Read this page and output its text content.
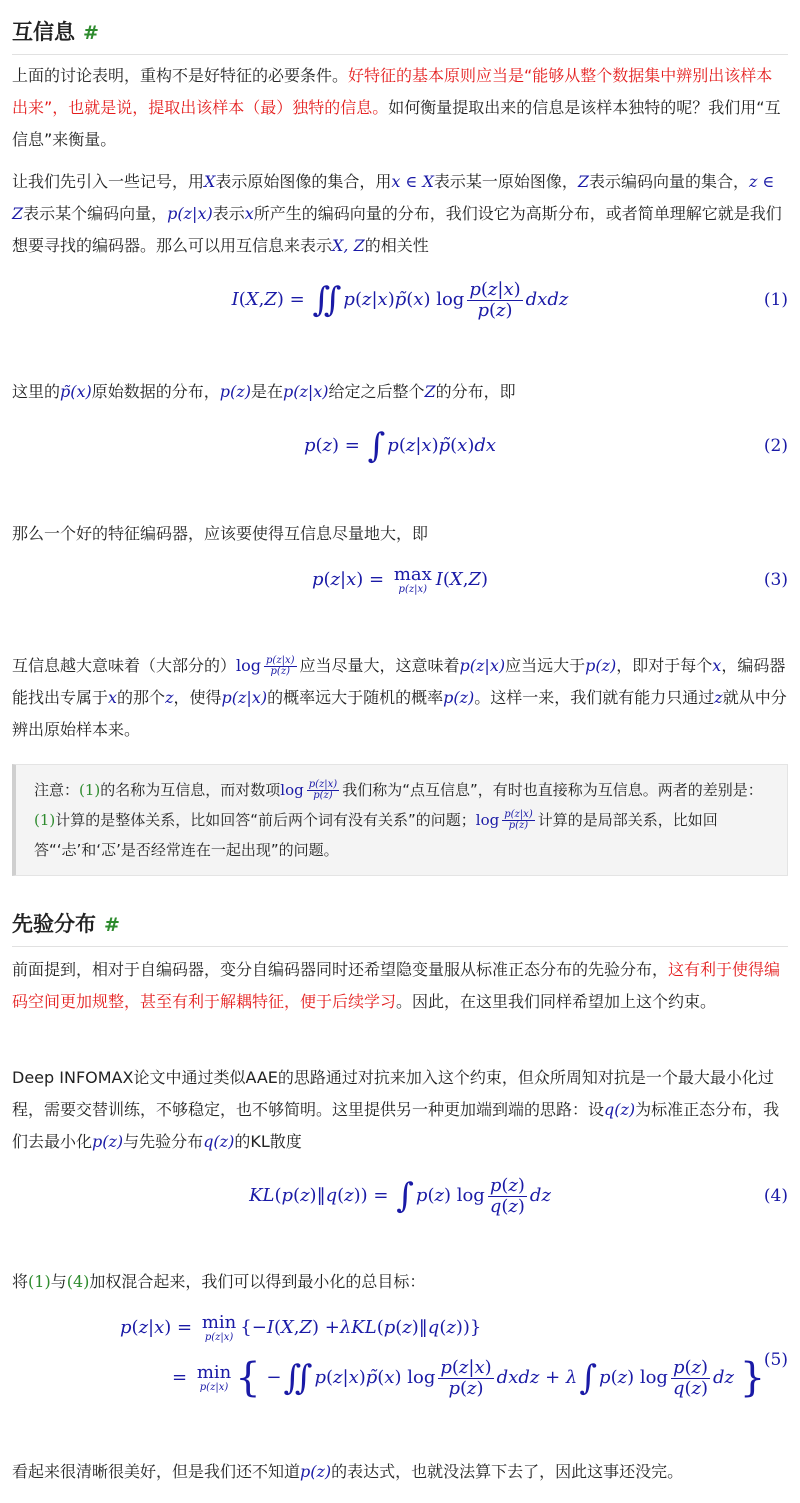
互信息 #

上面的讨论表明，重构不是好特征的必要条件。好特征的基本原则应当是“能够从整个数据集中辨别出该样本出来”，也就是说，提取出该样本（最）独特的信息。如何衡量提取出来的信息是该样本独特的呢？我们用“互信息”来衡量。

让我们先引入一些记号，用X表示原始图像的集合，用x ∈ X表示某一原始图像，Z表示编码向量的集合，z ∈ Z表示某个编码向量，p(z|x)表示x所产生的编码向量的分布，我们设它为高斯分布，或者简单理解它就是我们想要寻找的编码器。那么可以用互信息来表示X, Z的相关性

I ( X , Z ) = ∬ p ( z | x ) p̃ ( x ) $\log \frac{p(z|x)}{p(z)}$ dxdz	(1)

这里的p̃(x)原始数据的分布，p(z)是在p(z|x)给定之后整个Z的分布，即

p ( z ) = ∫ p ( z | x ) p̃ ( x ) dx	(2)

那么一个好的特征编码器，应该要使得互信息尽量地大，即

p ( z | x ) = max
p(z|x) I ( X , Z )	(3)

互信息越大意味着（大部分的）$\log \frac{p(z|x)}{p(z)}$ 应当尽量大，这意味着p(z|x)应当远大于p(z)，即对于每个x，编码器能找出专属于x的那个z，使得p(z|x)的概率远大于随机的概率p(z)。这样一来，我们就有能力只通过z就从中分辨出原始样本来。

注意：(1)的名称为互信息，而对数项$\log \frac{p(z|x)}{p(z)}$ 我们称为“点互信息”，有时也直接称为互信息。两者的差别是：(1)计算的是整体关系，比如回答“前后两个词有没有关系”的问题；$\log \frac{p(z|x)}{p(z)}$ 计算的是局部关系，比如回答“‘忐’和‘忑’是否经常连在一起出现”的问题。
先验分布 #

前面提到，相对于自编码器，变分自编码器同时还希望隐变量服从标准正态分布的先验分布，这有利于使得编码空间更加规整，甚至有利于解耦特征，便于后续学习。因此，在这里我们同样希望加上这个约束。

Deep INFOMAX论文中通过类似AAE的思路通过对抗来加入这个约束，但众所周知对抗是一个最大最小化过程，需要交替训练，不够稳定，也不够简明。这里提供另一种更加端到端的思路：设q(z)为标准正态分布，我们去最小化p(z)与先验分布q(z)的KL散度

KL ( p ( z )‖ q ( z )) = ∫ p ( z ) $\log \frac{p(z)}{q(z)}$ dz	(4)

将(1)与(4)加权混合起来，我们可以得到最小化的总目标：

p ( z | x ) = min
p(z|x) {− I ( X , Z ) + λKL ( p ( z )‖ q ( z ))}
= min
p(z|x) { − ∬ p ( z | x ) p̃ ( x ) $\log \frac{p(z|x)}{p(z)}$ dxdz + λ ∫ p ( z ) $\log \frac{p(z)}{q(z)}$ dz
}
(5)

看起来很清晰很美好，但是我们还不知道p(z)的表达式，也就没法算下去了，因此这事还没完。
